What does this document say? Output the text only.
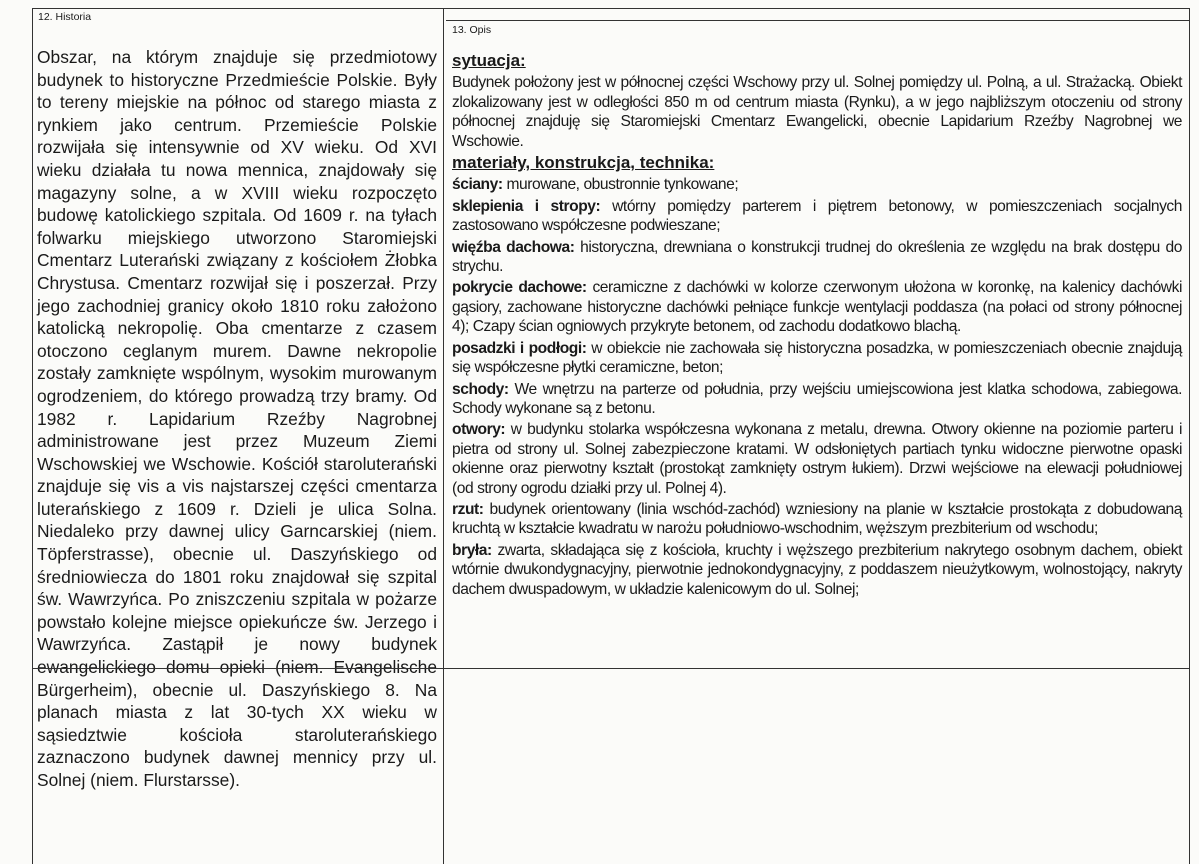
12. Historia
Obszar, na którym znajduje się przedmiotowy budynek to historyczne Przedmieście Polskie. Były to tereny miejskie na północ od starego miasta z rynkiem jako centrum. Przemieście Polskie rozwijała się intensywnie od XV wieku. Od XVI wieku działała tu nowa mennica, znajdowały się magazyny solne, a w XVIII wieku rozpoczęto budowę katolickiego szpitala. Od 1609 r. na tyłach folwarku miejskiego utworzono Staromiejski Cmentarz Luterański związany z kościołem Żłobka Chrystusa. Cmentarz rozwijał się i poszerzał. Przy jego zachodniej granicy około 1810 roku założono katolicką nekropolię. Oba cmentarze z czasem otoczono ceglanym murem. Dawne nekropolie zostały zamknięte wspólnym, wysokim murowanym ogrodzeniem, do którego prowadzą trzy bramy. Od 1982 r. Lapidarium Rzeźby Nagrobnej administrowane jest przez Muzeum Ziemi Wschowskiej we Wschowie. Kościół staroluterański znajduje się vis a vis najstarszej części cmentarza luterańskiego z 1609 r. Dzieli je ulica Solna. Niedaleko przy dawnej ulicy Garncarskiej (niem. Töpferstrasse), obecnie ul. Daszyńskiego od średniowiecza do 1801 roku znajdował się szpital św. Wawrzyńca. Po zniszczeniu szpitala w pożarze powstało kolejne miejsce opiekuńcze św. Jerzego i Wawrzyńca. Zastąpił je nowy budynek ewangelickiego domu opieki (niem. Evangelische Bürgerheim), obecnie ul. Daszyńskiego 8. Na planach miasta z lat 30-tych XX wieku w sąsiedztwie kościoła staroluterańskiego zaznaczono budynek dawnej mennicy przy ul. Solnej (niem. Flurstarsse).
13. Opis

sytuacja:

Budynek położony jest w północnej części Wschowy przy ul. Solnej pomiędzy ul. Polną, a ul. Strażacką. Obiekt zlokalizowany jest w odległości 850 m od centrum miasta (Rynku), a w jego najbliższym otoczeniu od strony północnej znajduję się Staromiejski Cmentarz Ewangelicki, obecnie Lapidarium Rzeźby Nagrobnej we Wschowie.

materiały, konstrukcja, technika:

ściany: murowane, obustronnie tynkowane;

sklepienia i stropy: wtórny pomiędzy parterem i piętrem betonowy, w pomieszczeniach socjalnych zastosowano współczesne podwieszane;

więźba dachowa: historyczna, drewniana o konstrukcji trudnej do określenia ze względu na brak dostępu do strychu.

pokrycie dachowe: ceramiczne z dachówki w kolorze czerwonym ułożona w koronkę, na kalenicy dachówki gąsiory, zachowane historyczne dachówki pełniące funkcje wentylacji poddasza (na połaci od strony północnej 4); Czapy ścian ogniowych przykryte betonem, od zachodu dodatkowo blachą.

posadzki i podłogi: w obiekcie nie zachowała się historyczna posadzka, w pomieszczeniach obecnie znajdują się współczesne płytki ceramiczne, beton;

schody: We wnętrzu na parterze od południa, przy wejściu umiejscowiona jest klatka schodowa, zabiegowa. Schody wykonane są z betonu.

otwory: w budynku stolarka współczesna wykonana z metalu, drewna. Otwory okienne na poziomie parteru i pietra od strony ul. Solnej zabezpieczone kratami. W odsłoniętych partiach tynku widoczne pierwotne opaski okienne oraz pierwotny kształt (prostokąt zamknięty ostrym łukiem). Drzwi wejściowe na elewacji południowej (od strony ogrodu działki przy ul. Polnej 4).

rzut: budynek orientowany (linia wschód-zachód) wzniesiony na planie w kształcie prostokąta z dobudowaną kruchtą w kształcie kwadratu w narożu południowo-wschodnim, węższym prezbiterium od wschodu;

bryła: zwarta, składająca się z kościoła, kruchty i węższego prezbiterium nakrytego osobnym dachem, obiekt wtórnie dwukondygnacyjny, pierwotnie jednokondygnacyjny, z poddaszem nieużytkowym, wolnostojący, nakryty dachem dwuspadowym, w układzie kalenicowym do ul. Solnej;
